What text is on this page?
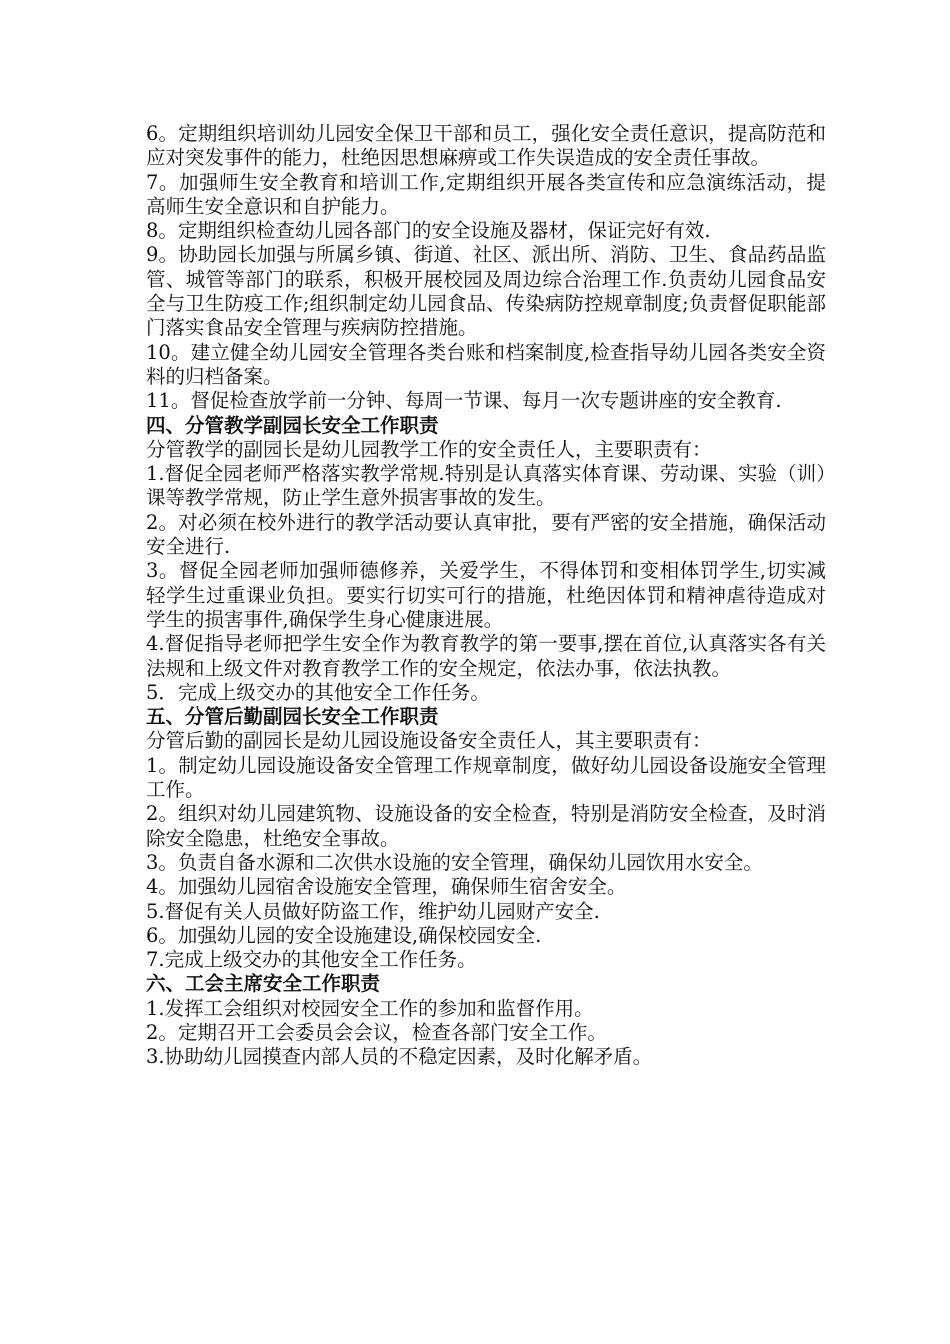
6。定期组织培训幼儿园安全保卫干部和员工，强化安全责任意识，提高防范和应对突发事件的能力，杜绝因思想麻痹或工作失误造成的安全责任事故。

7。加强师生安全教育和培训工作,定期组织开展各类宣传和应急演练活动，提高师生安全意识和自护能力。

8。定期组织检查幼儿园各部门的安全设施及器材，保证完好有效.

9。协助园长加强与所属乡镇、街道、社区、派出所、消防、卫生、食品药品监管、城管等部门的联系，积极开展校园及周边综合治理工作.负责幼儿园食品安全与卫生防疫工作;组织制定幼儿园食品、传染病防控规章制度;负责督促职能部门落实食品安全管理与疾病防控措施。

10。建立健全幼儿园安全管理各类台账和档案制度,检查指导幼儿园各类安全资料的归档备案。

11。督促检查放学前一分钟、每周一节课、每月一次专题讲座的安全教育.

四、分管教学副园长安全工作职责

分管教学的副园长是幼儿园教学工作的安全责任人，主要职责有：

1.督促全园老师严格落实教学常规.特别是认真落实体育课、劳动课、实验（训）课等教学常规，防止学生意外损害事故的发生。

2。对必须在校外进行的教学活动要认真审批，要有严密的安全措施，确保活动安全进行.

3。督促全园老师加强师德修养，关爱学生，不得体罚和变相体罚学生,切实减轻学生过重课业负担。要实行切实可行的措施，杜绝因体罚和精神虐待造成对学生的损害事件,确保学生身心健康进展。

4.督促指导老师把学生安全作为教育教学的第一要事,摆在首位,认真落实各有关法规和上级文件对教育教学工作的安全规定，依法办事，依法执教。

5．完成上级交办的其他安全工作任务。

五、分管后勤副园长安全工作职责

分管后勤的副园长是幼儿园设施设备安全责任人，其主要职责有：

1。制定幼儿园设施设备安全管理工作规章制度，做好幼儿园设备设施安全管理工作。

2。组织对幼儿园建筑物、设施设备的安全检查，特别是消防安全检查，及时消除安全隐患，杜绝安全事故。

3。负责自备水源和二次供水设施的安全管理，确保幼儿园饮用水安全。

4。加强幼儿园宿舍设施安全管理，确保师生宿舍安全。

5.督促有关人员做好防盗工作，维护幼儿园财产安全.

6。加强幼儿园的安全设施建设,确保校园安全.

7.完成上级交办的其他安全工作任务。

六、工会主席安全工作职责

1.发挥工会组织对校园安全工作的参加和监督作用。

2。定期召开工会委员会会议，检查各部门安全工作。

3.协助幼儿园摸查内部人员的不稳定因素，及时化解矛盾。
